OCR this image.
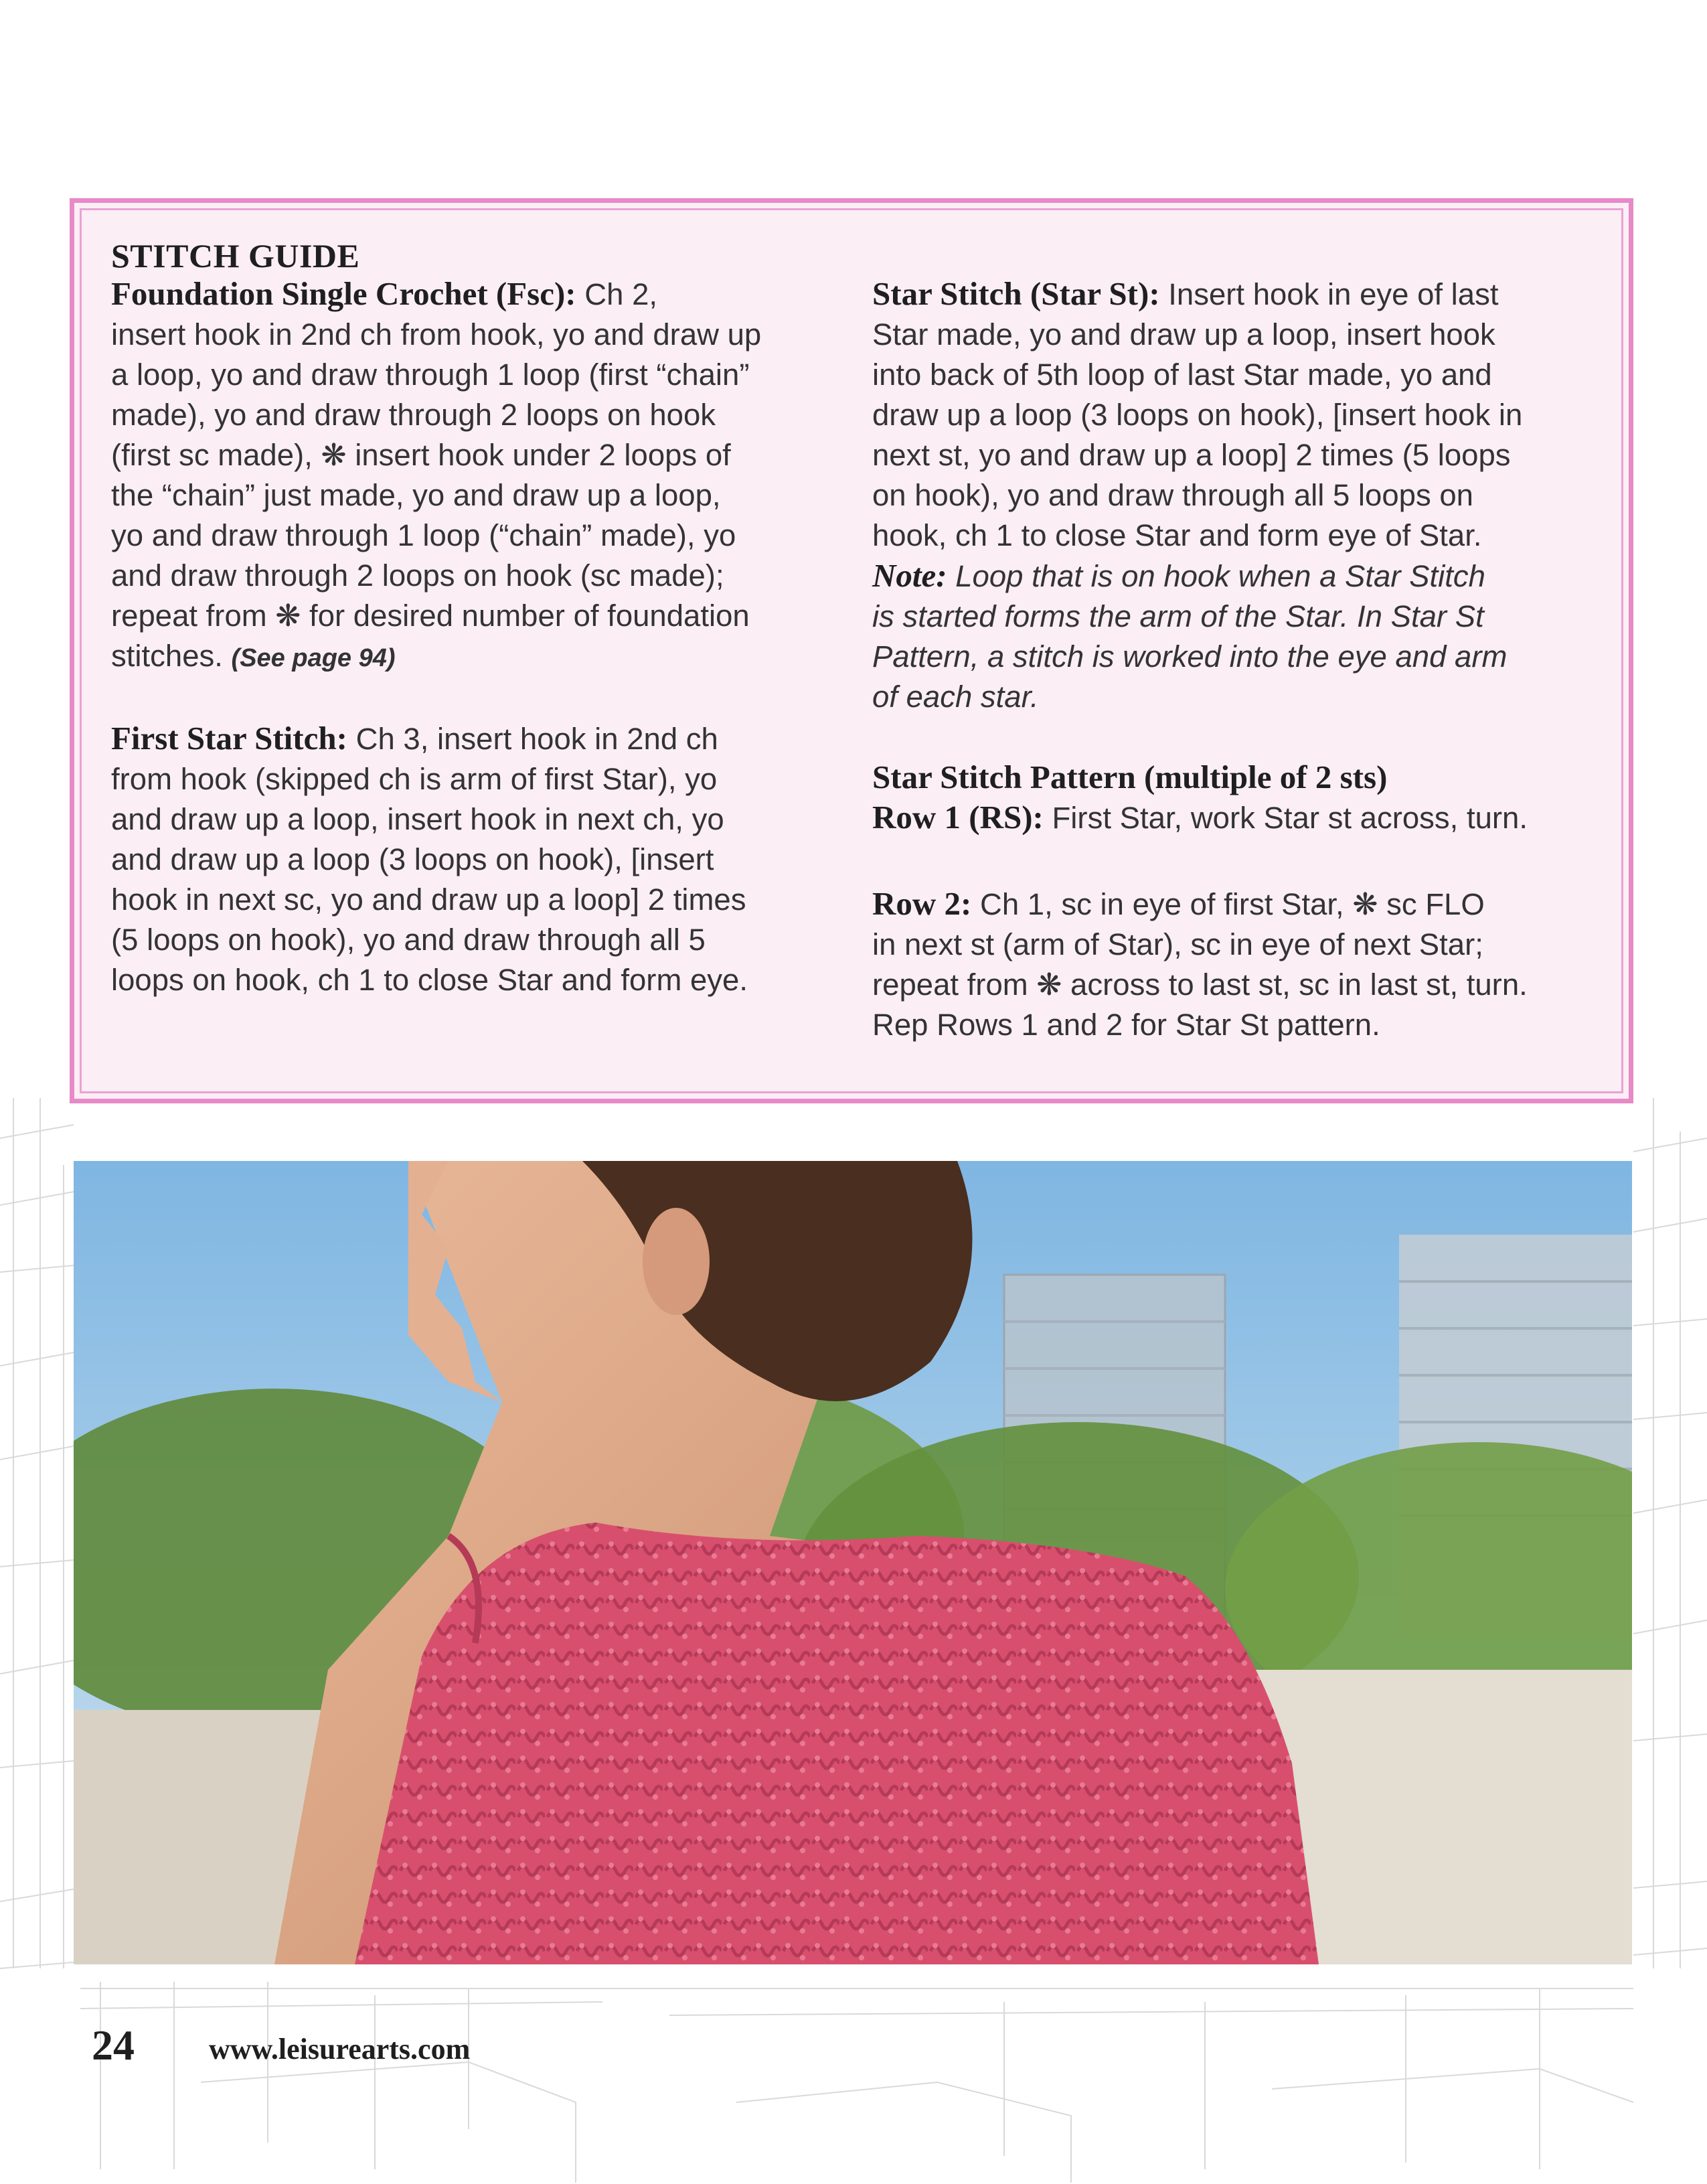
STITCH GUIDE

Foundation Single Crochet (Fsc): Ch 2,

insert hook in 2nd ch from hook, yo and draw up

a loop, yo and draw through 1 loop (first “chain”

made), yo and draw through 2 loops on hook

(first sc made), ❋ insert hook under 2 loops of

the “chain” just made, yo and draw up a loop,

yo and draw through 1 loop (“chain” made), yo

and draw through 2 loops on hook (sc made);

repeat from ❋ for desired number of foundation

stitches. (See page 94)

First Star Stitch: Ch 3, insert hook in 2nd ch

from hook (skipped ch is arm of first Star), yo

and draw up a loop, insert hook in next ch, yo

and draw up a loop (3 loops on hook), [insert

hook in next sc, yo and draw up a loop] 2 times

(5 loops on hook), yo and draw through all 5

loops on hook, ch 1 to close Star and form eye.

Star Stitch (Star St): Insert hook in eye of last

Star made, yo and draw up a loop, insert hook

into back of 5th loop of last Star made, yo and

draw up a loop (3 loops on hook), [insert hook in

next st, yo and draw up a loop] 2 times (5 loops

on hook), yo and draw through all 5 loops on

hook, ch 1 to close Star and form eye of Star.

Note: Loop that is on hook when a Star Stitch

is started forms the arm of the Star. In Star St

Pattern, a stitch is worked into the eye and arm

of each star.

Star Stitch Pattern (multiple of 2 sts)

Row 1 (RS): First Star, work Star st across, turn.

Row 2: Ch 1, sc in eye of first Star, ❋ sc FLO

in next st (arm of Star), sc in eye of next Star;

repeat from ❋ across to last st, sc in last st, turn.

Rep Rows 1 and 2 for Star St pattern.

24	www.leisurearts.com
